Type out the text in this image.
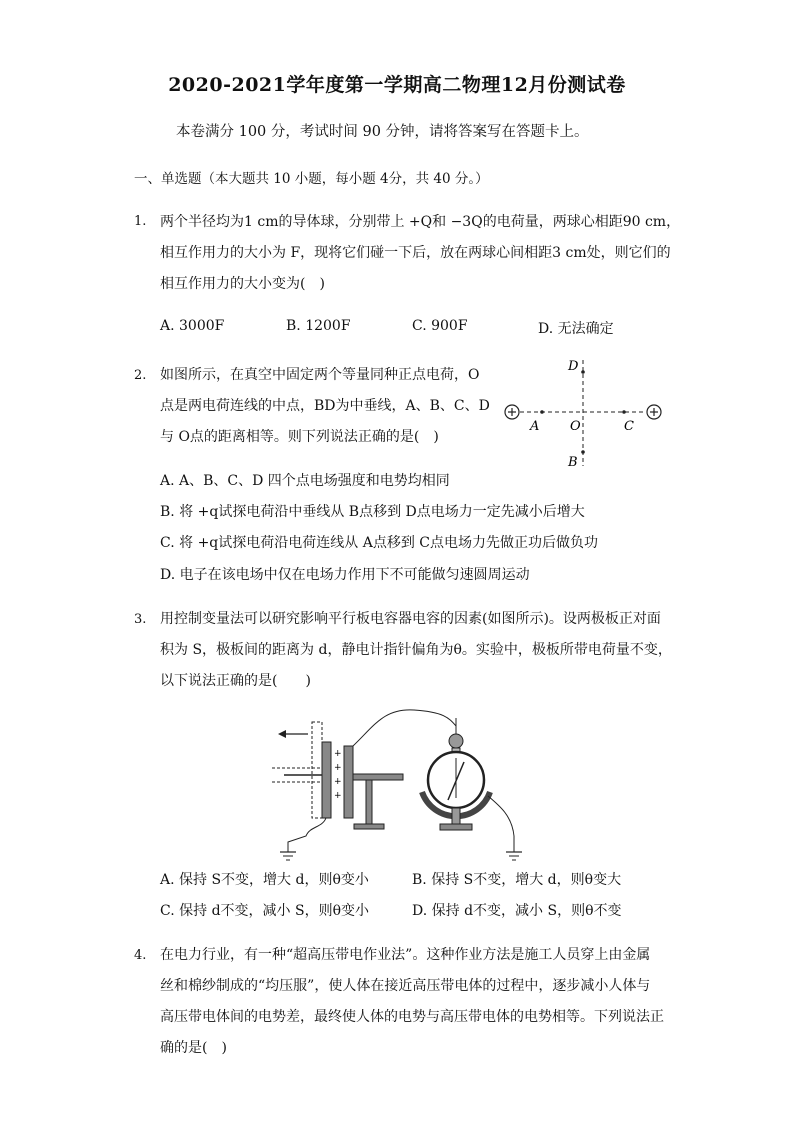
2020-2021学年度第一学期高二物理12月份测试卷
本卷满分 100 分，考试时间 90 分钟，请将答案写在答题卡上。
一、单选题（本大题共 10 小题，每小题 4分，共 40 分。）
1. 两个半径均为1 cm的导体球，分别带上 +Q和 −3Q的电荷量，两球心相距90 cm，
相互作用力的大小为 F，现将它们碰一下后，放在两球心间相距3 cm处，则它们的
相互作用力的大小变为(　)
A. 3000F	B. 1200F	C. 900F	D. 无法确定
2. 如图所示，在真空中固定两个等量同种正点电荷，O
点是两电荷连线的中点，BD为中垂线，A、B、C、D
与 O点的距离相等。则下列说法正确的是(　)
D
A O	C
B
A. A、B、C、D 四个点电场强度和电势均相同
B. 将 +q试探电荷沿中垂线从 B点移到 D点电场力一定先减小后增大
C. 将 +q试探电荷沿电荷连线从 A点移到 C点电场力先做正功后做负功
D. 电子在该电场中仅在电场力作用下不可能做匀速圆周运动
3. 用控制变量法可以研究影响平行板电容器电容的因素(如图所示)。设两极板正对面
积为 S，极板间的距离为 d，静电计指针偏角为θ。实验中，极板所带电荷量不变，
以下说法正确的是(　　)
+
+
+
+
A. 保持 S不变，增大 d，则θ变小	B. 保持 S不变，增大 d，则θ变大
C. 保持 d不变，减小 S，则θ变小	D. 保持 d不变，减小 S，则θ不变
4. 在电力行业，有一种“超高压带电作业法”。这种作业方法是施工人员穿上由金属
丝和棉纱制成的“均压服”，使人体在接近高压带电体的过程中，逐步减小人体与
高压带电体间的电势差，最终使人体的电势与高压带电体的电势相等。下列说法正
确的是(　)
